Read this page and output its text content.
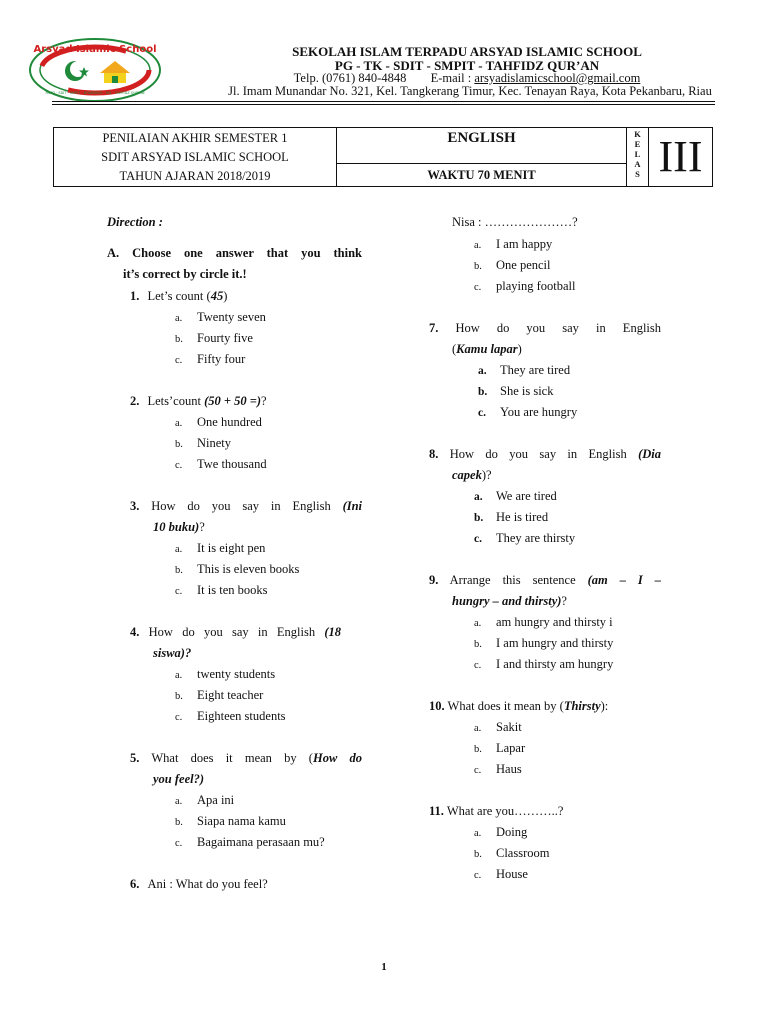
Arsyad Islamic School
PAUD · SDIT · SMPIT · BOARDING · MA · TAHFIDZ QUR'AN
SEKOLAH ISLAM TERPADU ARSYAD ISLAMIC SCHOOL
PG - TK - SDIT - SMPIT - TAHFIDZ QUR’AN
Telp. (0761) 840-4848 E-mail : arsyadislamicschool@gmail.com
Jl. Imam Munandar No. 321, Kel. Tangkerang Timur, Kec. Tenayan Raya, Kota Pekanbaru, Riau
PENILAIAN AKHIR SEMESTER 1
SDIT ARSYAD ISLAMIC SCHOOL
TAHUN AJARAN 2018/2019
ENGLISH
WAKTU 70 MENIT
K
E
L
A
S III
Direction :
A. Choose one answer that you think
it’s correct by circle it.!
1. Let’s count (45)
a. Twenty seven
b. Fourty five
c. Fifty four
2. Lets’count (50 + 50 =)?
a. One hundred
b. Ninety
c. Twe thousand
3. How do you say in English (Ini
10 buku)?
a. It is eight pen
b. This is eleven books
c. It is ten books
4. How do you say in English (18
siswa)?
a. twenty students
b. Eight teacher
c. Eighteen students
5. What does it mean by (How do
you feel?)
a. Apa ini
b. Siapa nama kamu
c. Bagaimana perasaan mu?
6. Ani : What do you feel?
Nisa : …………………?
a. I am happy
b. One pencil
c. playing football
7. How do you say in English
(Kamu lapar)
a. They are tired
b. She is sick
c. You are hungry
8. How do you say in English (Dia
capek)?
a. We are tired
b. He is tired
c. They are thirsty
9. Arrange this sentence (am – I –
hungry – and thirsty)?
a. am hungry and thirsty i
b. I am hungry and thirsty
c. I and thirsty am hungry
10. What does it mean by (Thirsty):
a. Sakit
b. Lapar
c. Haus
11. What are you………..?
a. Doing
b. Classroom
c. House
1
